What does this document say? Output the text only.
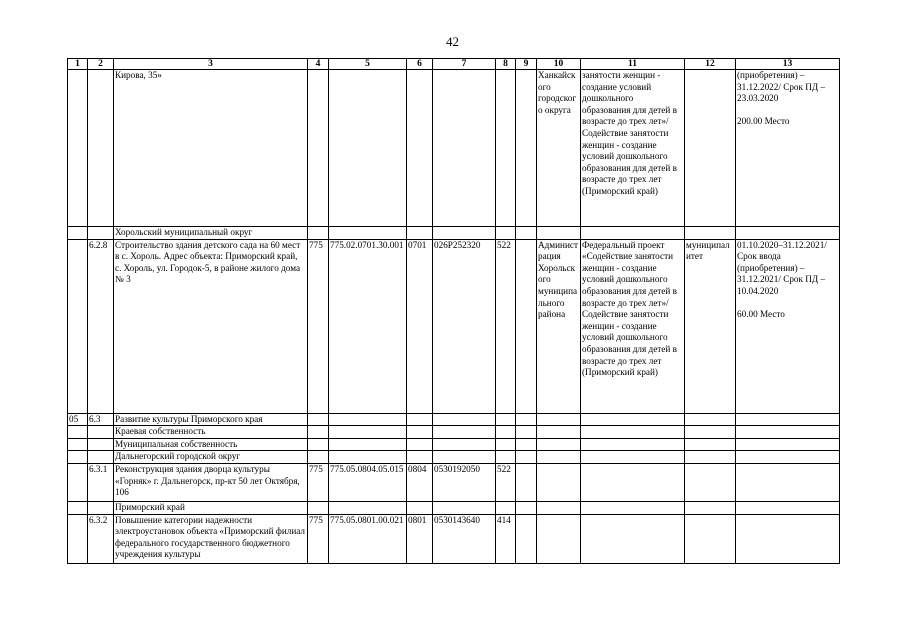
42
1	2	3	4	5	6	7	8	9	10	11	12	13
		Кирова, 35»							Ханкайского городского округа	занятости женщин - создание условий дошкольного образования для детей в возрасте до трех лет»/Содействие занятости женщин - создание условий дошкольного образования для детей в возрасте до трех лет (Приморский край)		(приобретения) – 31.12.2022/ Срок ПД – 23.03.2020
200.00 Место
		Хорольский муниципальный округ										
	6.2.8	Строительство здания детского сада на 60 мест в с. Хороль. Адрес объекта: Приморский край, с. Хороль, ул. Городок-5, в районе жилого дома № 3	775	775.02.0701.30.001	0701	026P252320	522		Администрация Хорольского муниципального района	Федеральный проект «Содействие занятости женщин - создание условий дошкольного образования для детей в возрасте до трех лет»/Содействие занятости женщин - создание условий дошкольного образования для детей в возрасте до трех лет (Приморский край)	муниципалитет	01.10.2020–31.12.2021/ Срок ввода (приобретения) – 31.12.2021/ Срок ПД – 10.04.2020
60.00 Место
05	6.3	Развитие культуры Приморского края										
		Краевая собственность										
		Муниципальная собственность										
		Дальнегорский городской округ										
	6.3.1	Реконструкция здания дворца культуры «Горняк» г. Дальнегорск, пр-кт 50 лет Октября, 106	775	775.05.0804.05.015	0804	0530192050	522					
		Приморский край										
	6.3.2	Повышение категории надежности электроустановок объекта «Приморский филиал федерального государственного бюджетного учреждения культуры	775	775.05.0801.00.021	0801	0530143640	414					
